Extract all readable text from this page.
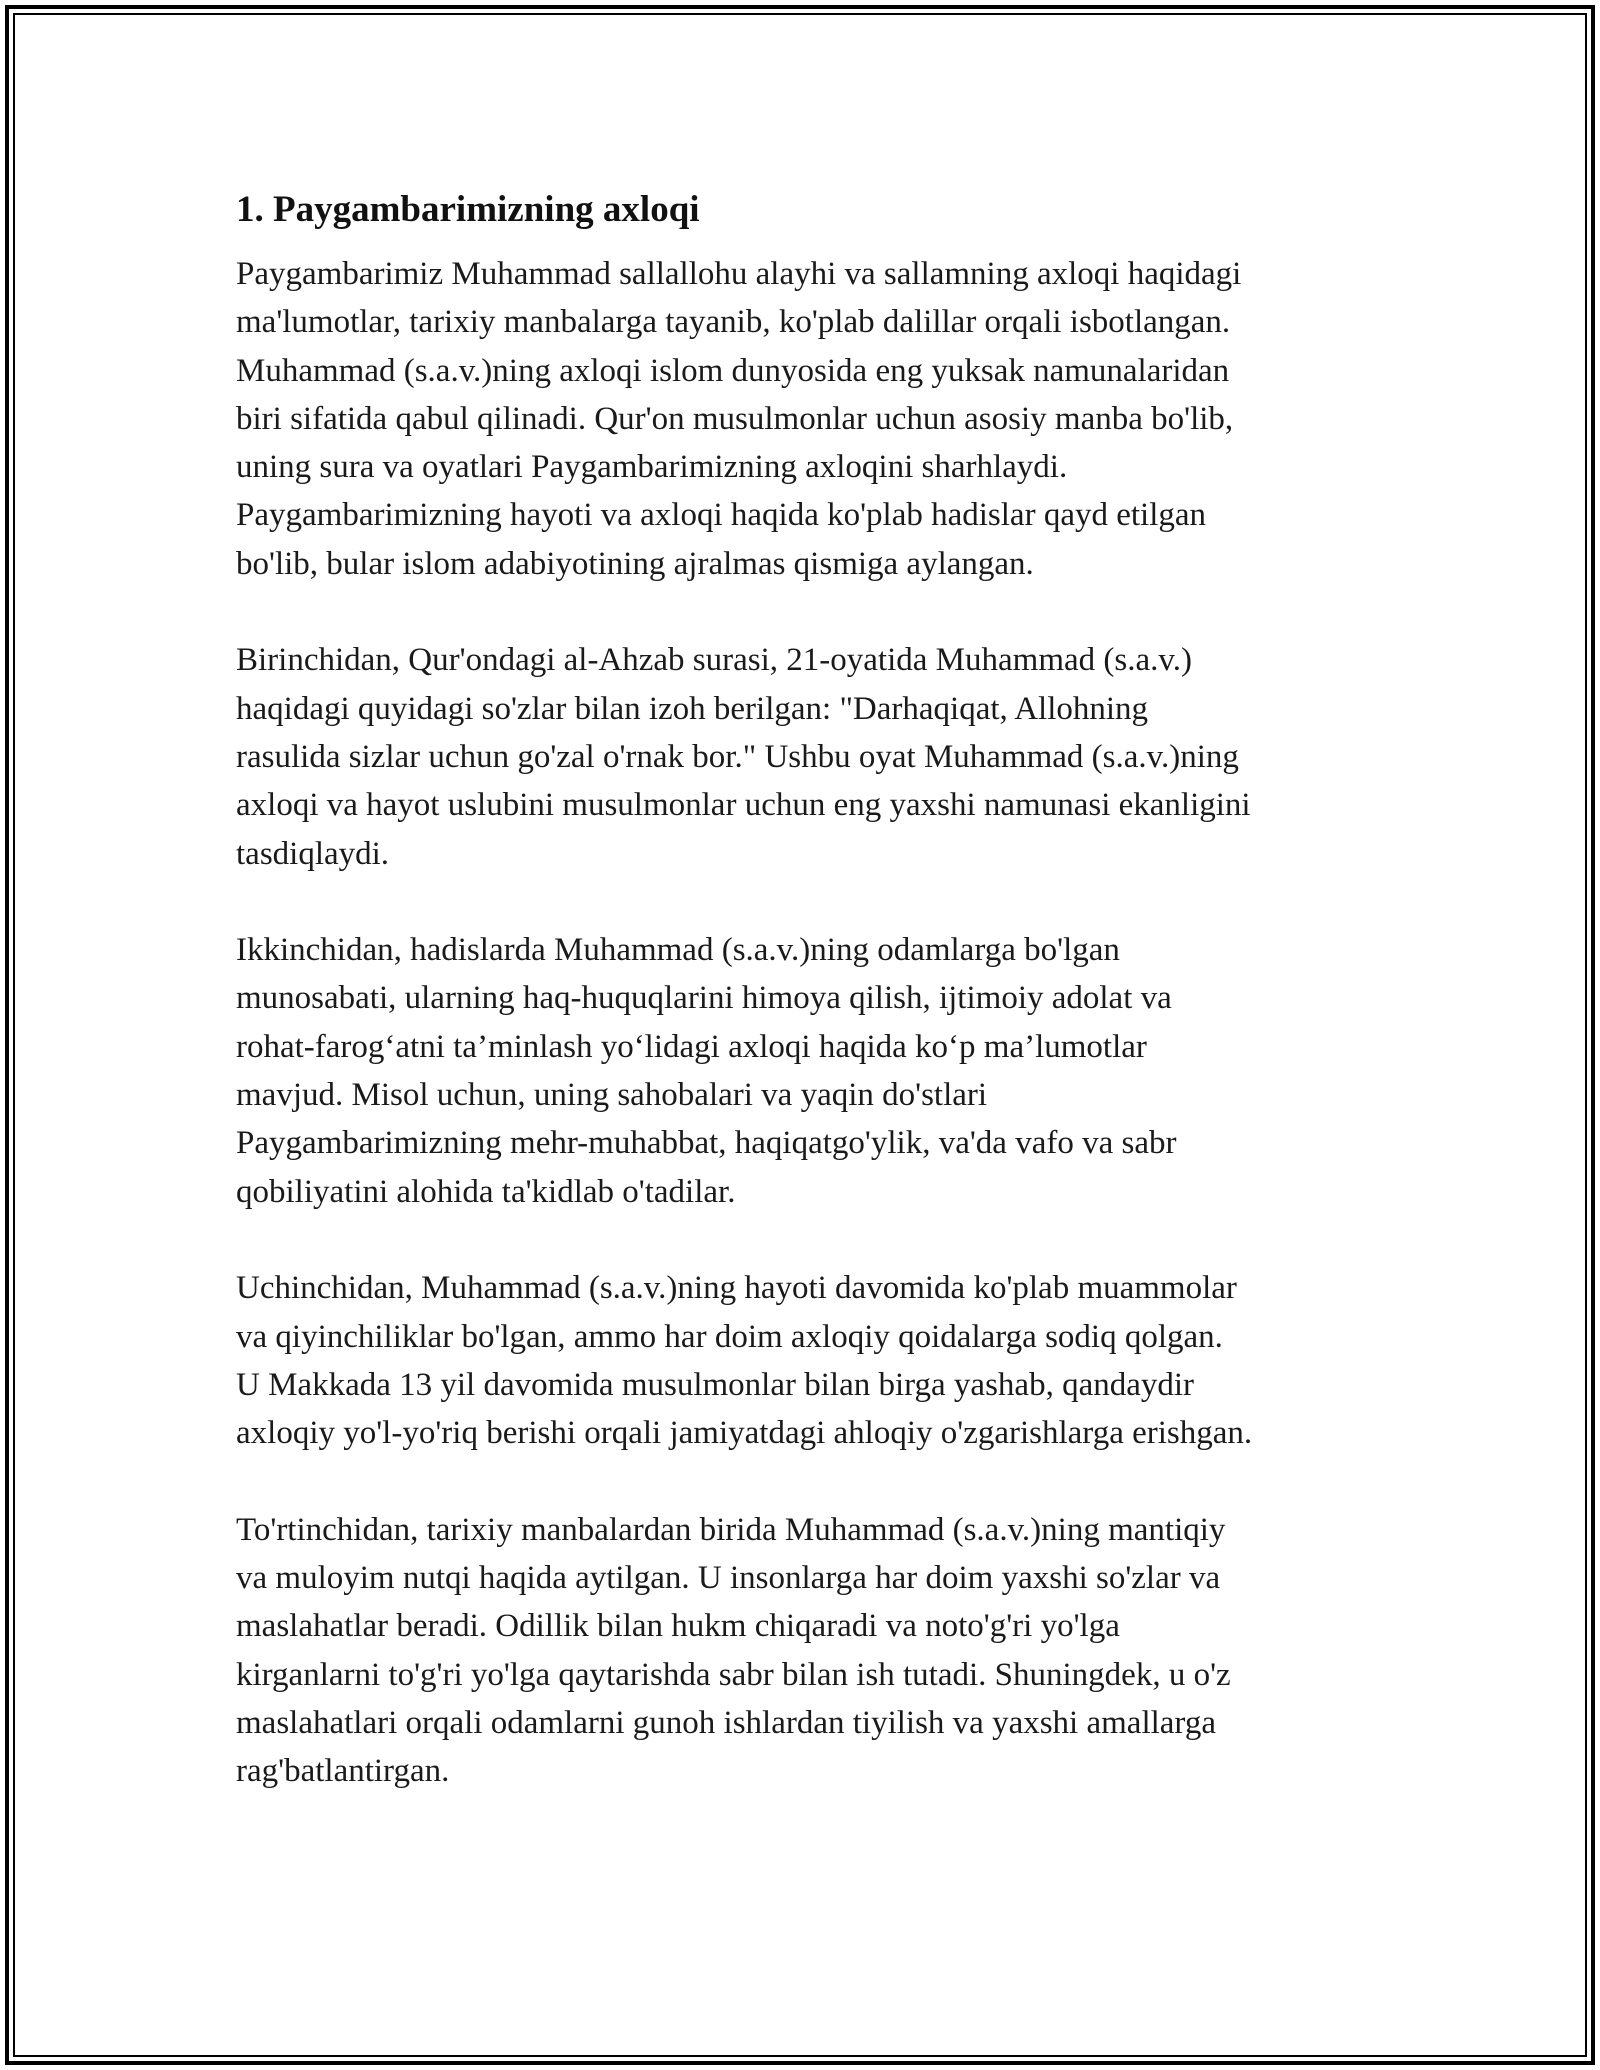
1. Paygambarimizning axloqi

Paygambarimiz Muhammad sallallohu alayhi va sallamning axloqi haqidagi
ma'lumotlar, tarixiy manbalarga tayanib, ko'plab dalillar orqali isbotlangan.
Muhammad (s.a.v.)ning axloqi islom dunyosida eng yuksak namunalaridan
biri sifatida qabul qilinadi. Qur'on musulmonlar uchun asosiy manba bo'lib,
uning sura va oyatlari Paygambarimizning axloqini sharhlaydi.
Paygambarimizning hayoti va axloqi haqida ko'plab hadislar qayd etilgan
bo'lib, bular islom adabiyotining ajralmas qismiga aylangan.

Birinchidan, Qur'ondagi al-Ahzab surasi, 21-oyatida Muhammad (s.a.v.)
haqidagi quyidagi so'zlar bilan izoh berilgan: "Darhaqiqat, Allohning
rasulida sizlar uchun go'zal o'rnak bor." Ushbu oyat Muhammad (s.a.v.)ning
axloqi va hayot uslubini musulmonlar uchun eng yaxshi namunasi ekanligini
tasdiqlaydi.

Ikkinchidan, hadislarda Muhammad (s.a.v.)ning odamlarga bo'lgan
munosabati, ularning haq-huquqlarini himoya qilish, ijtimoiy adolat va
rohat-farog‘atni ta’minlash yo‘lidagi axloqi haqida ko‘p ma’lumotlar
mavjud. Misol uchun, uning sahobalari va yaqin do'stlari
Paygambarimizning mehr-muhabbat, haqiqatgo'ylik, va'da vafo va sabr
qobiliyatini alohida ta'kidlab o'tadilar.

Uchinchidan, Muhammad (s.a.v.)ning hayoti davomida ko'plab muammolar
va qiyinchiliklar bo'lgan, ammo har doim axloqiy qoidalarga sodiq qolgan.
U Makkada 13 yil davomida musulmonlar bilan birga yashab, qandaydir
axloqiy yo'l-yo'riq berishi orqali jamiyatdagi ahloqiy o'zgarishlarga erishgan.

To'rtinchidan, tarixiy manbalardan birida Muhammad (s.a.v.)ning mantiqiy
va muloyim nutqi haqida aytilgan. U insonlarga har doim yaxshi so'zlar va
maslahatlar beradi. Odillik bilan hukm chiqaradi va noto'g'ri yo'lga
kirganlarni to'g'ri yo'lga qaytarishda sabr bilan ish tutadi. Shuningdek, u o'z
maslahatlari orqali odamlarni gunoh ishlardan tiyilish va yaxshi amallarga
rag'batlantirgan.
